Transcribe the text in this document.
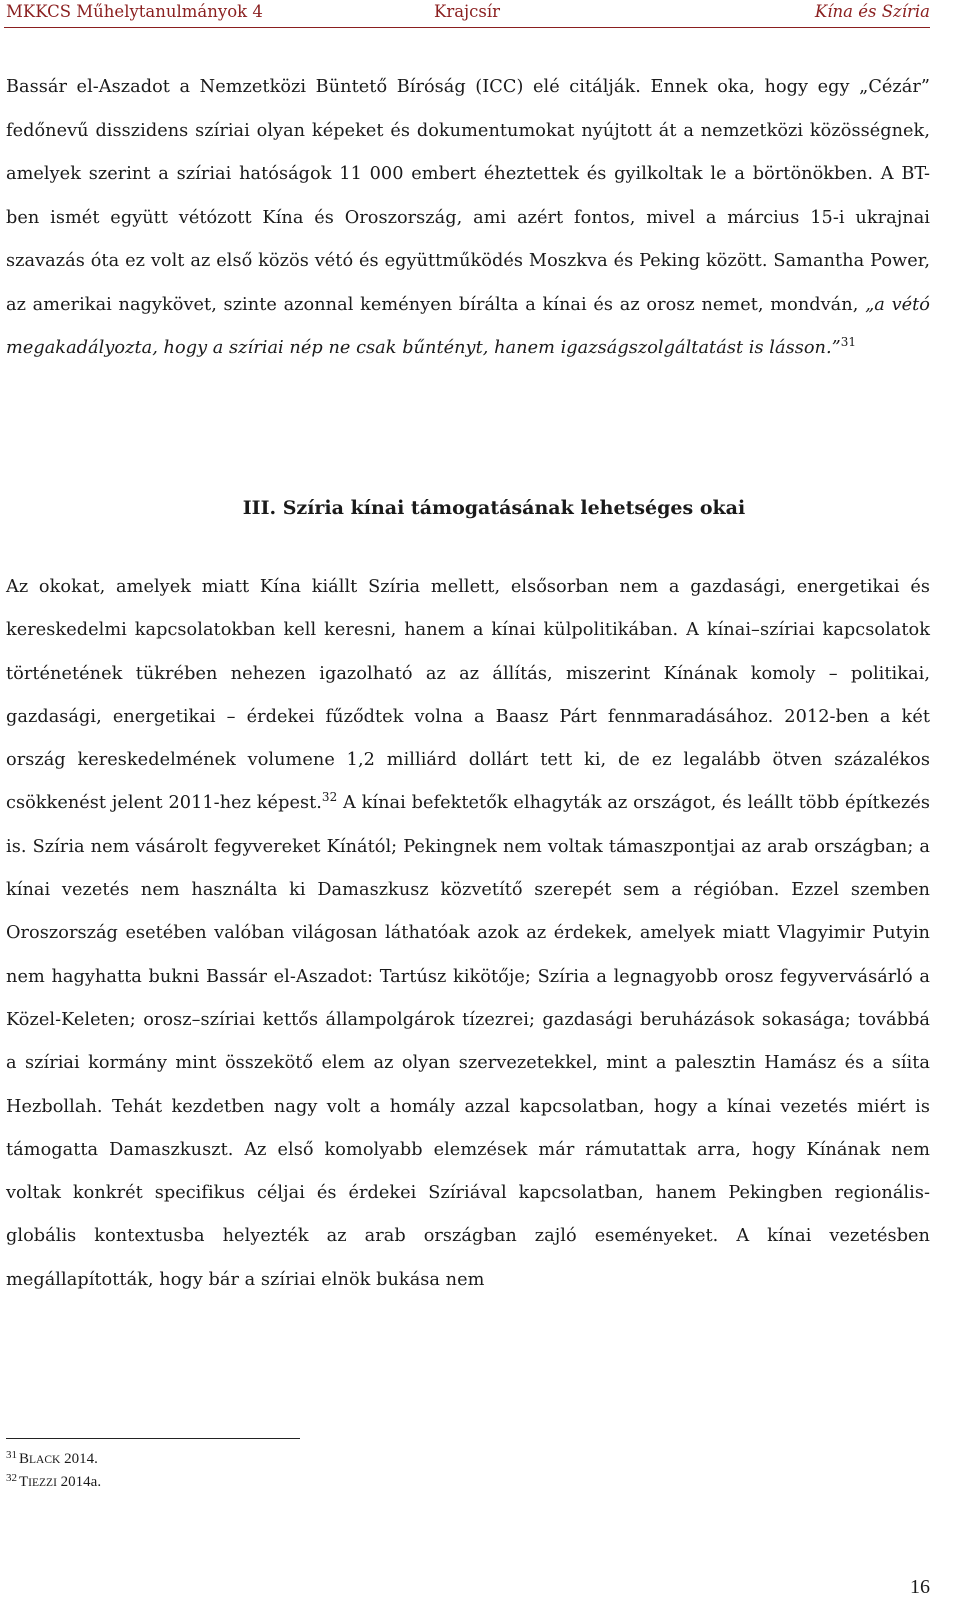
MKKCS Műhelytanulmányok 4	Krajcsír	Kína és Szíria

Bassár el-Aszadot a Nemzetközi Büntető Bíróság (ICC) elé citálják. Ennek oka, hogy egy „Cézár” fedőnevű disszidens szíriai olyan képeket és dokumentumokat nyújtott át a nemzetközi közösségnek, amelyek szerint a szíriai hatóságok 11 000 embert éheztettek és gyilkoltak le a börtönökben. A BT-ben ismét együtt vétózott Kína és Oroszország, ami azért fontos, mivel a március 15-i ukrajnai szavazás óta ez volt az első közös vétó és együttműködés Moszkva és Peking között. Samantha Power, az amerikai nagykövet, szinte azonnal keményen bírálta a kínai és az orosz nemet, mondván, „a vétó megakadályozta, hogy a szíriai nép ne csak bűntényt, hanem igazságszolgáltatást is lásson.”$^{31}$

III. Szíria kínai támogatásának lehetséges okai

Az okokat, amelyek miatt Kína kiállt Szíria mellett, elsősorban nem a gazdasági, energetikai és kereskedelmi kapcsolatokban kell keresni, hanem a kínai külpolitikában. A kínai–szíriai kapcsolatok történetének tükrében nehezen igazolható az az állítás, miszerint Kínának komoly – politikai, gazdasági, energetikai – érdekei fűződtek volna a Baasz Párt fennmaradásához. 2012-ben a két ország kereskedelmének volumene 1,2 milliárd dollárt tett ki, de ez legalább ötven százalékos csökkenést jelent 2011-hez képest.$^{32}$ A kínai befektetők elhagyták az országot, és leállt több építkezés is. Szíria nem vásárolt fegyvereket Kínától; Pekingnek nem voltak támaszpontjai az arab országban; a kínai vezetés nem használta ki Damaszkusz közvetítő szerepét sem a régióban. Ezzel szemben Oroszország esetében valóban világosan láthatóak azok az érdekek, amelyek miatt Vlagyimir Putyin nem hagyhatta bukni Bassár el-Aszadot: Tartúsz kikötője; Szíria a legnagyobb orosz fegyvervásárló a Közel-Keleten; orosz–szíriai kettős állampolgárok tízezrei; gazdasági beruházások sokasága; továbbá a szíriai kormány mint összekötő elem az olyan szervezetekkel, mint a palesztin Hamász és a síita Hezbollah. Tehát kezdetben nagy volt a homály azzal kapcsolatban, hogy a kínai vezetés miért is támogatta Damaszkuszt. Az első komolyabb elemzések már rámutattak arra, hogy Kínának nem voltak konkrét specifikus céljai és érdekei Szíriával kapcsolatban, hanem Pekingben regionális-globális kontextusba helyezték az arab országban zajló eseményeket. A kínai vezetésben megállapították, hogy bár a szíriai elnök bukása nem

$^{31}$ BLACK 2014.
$^{32}$ TIEZZI 2014a.
16
